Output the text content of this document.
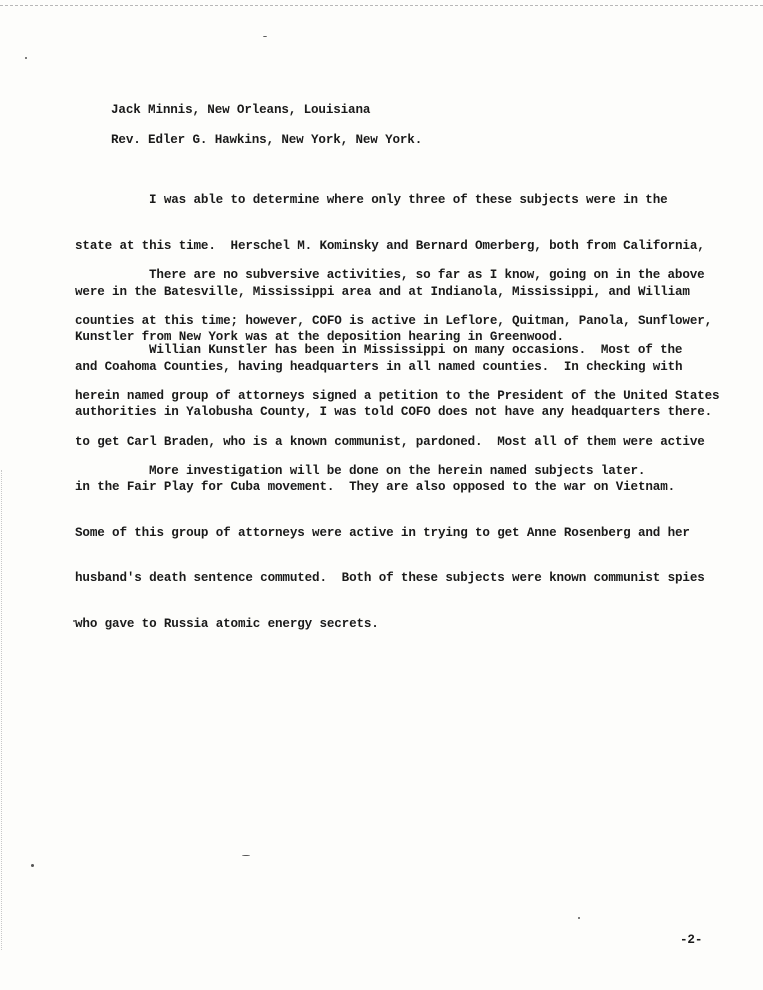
Jack Minnis, New Orleans, Louisiana
Rev. Edler G. Hawkins, New York, New York.

I was able to determine where only three of these subjects were in the

state at this time.  Herschel M. Kominsky and Bernard Omerberg, both from California,

were in the Batesville, Mississippi area and at Indianola, Mississippi, and William

Kunstler from New York was at the deposition hearing in Greenwood.

There are no subversive activities, so far as I know, going on in the above

counties at this time; however, COFO is active in Leflore, Quitman, Panola, Sunflower,

and Coahoma Counties, having headquarters in all named counties.  In checking with

authorities in Yalobusha County, I was told COFO does not have any headquarters there.

Willian Kunstler has been in Mississippi on many occasions.  Most of the

herein named group of attorneys signed a petition to the President of the United States

to get Carl Braden, who is a known communist, pardoned.  Most all of them were active

in the Fair Play for Cuba movement.  They are also opposed to the war on Vietnam.

Some of this group of attorneys were active in trying to get Anne Rosenberg and her

husband's death sentence commuted.  Both of these subjects were known communist spies

who gave to Russia atomic energy secrets.

More investigation will be done on the herein named subjects later.

-2-
